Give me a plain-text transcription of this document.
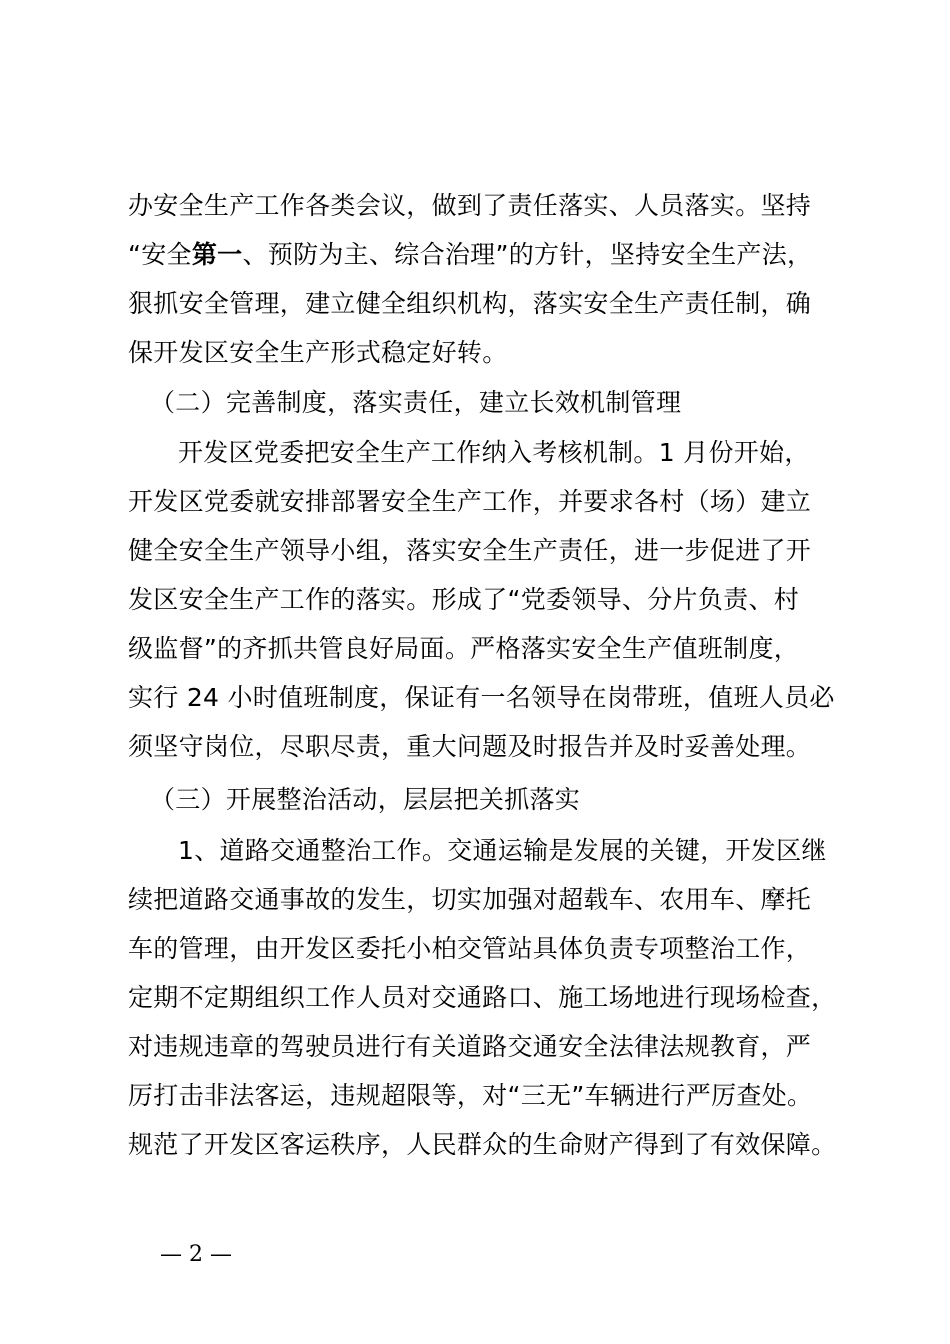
办安全生产工作各类会议，做到了责任落实、人员落实。坚持
“安全第一、预防为主、综合治理”的方针，坚持安全生产法，
狠抓安全管理，建立健全组织机构，落实安全生产责任制，确
保开发区安全生产形式稳定好转。
（二）完善制度，落实责任，建立长效机制管理
开发区党委把安全生产工作纳入考核机制。1 月份开始，
开发区党委就安排部署安全生产工作，并要求各村（场）建立
健全安全生产领导小组，落实安全生产责任，进一步促进了开
发区安全生产工作的落实。形成了“党委领导、分片负责、村
级监督”的齐抓共管良好局面。严格落实安全生产值班制度，
实行 24 小时值班制度，保证有一名领导在岗带班，值班人员必
须坚守岗位，尽职尽责，重大问题及时报告并及时妥善处理。
（三）开展整治活动，层层把关抓落实
1、道路交通整治工作。交通运输是发展的关键，开发区继
续把道路交通事故的发生，切实加强对超载车、农用车、摩托
车的管理，由开发区委托小柏交管站具体负责专项整治工作，
定期不定期组织工作人员对交通路口、施工场地进行现场检查，
对违规违章的驾驶员进行有关道路交通安全法律法规教育，严
厉打击非法客运，违规超限等，对“三无”车辆进行严厉查处。
规范了开发区客运秩序，人民群众的生命财产得到了有效保障。
— 2 —
